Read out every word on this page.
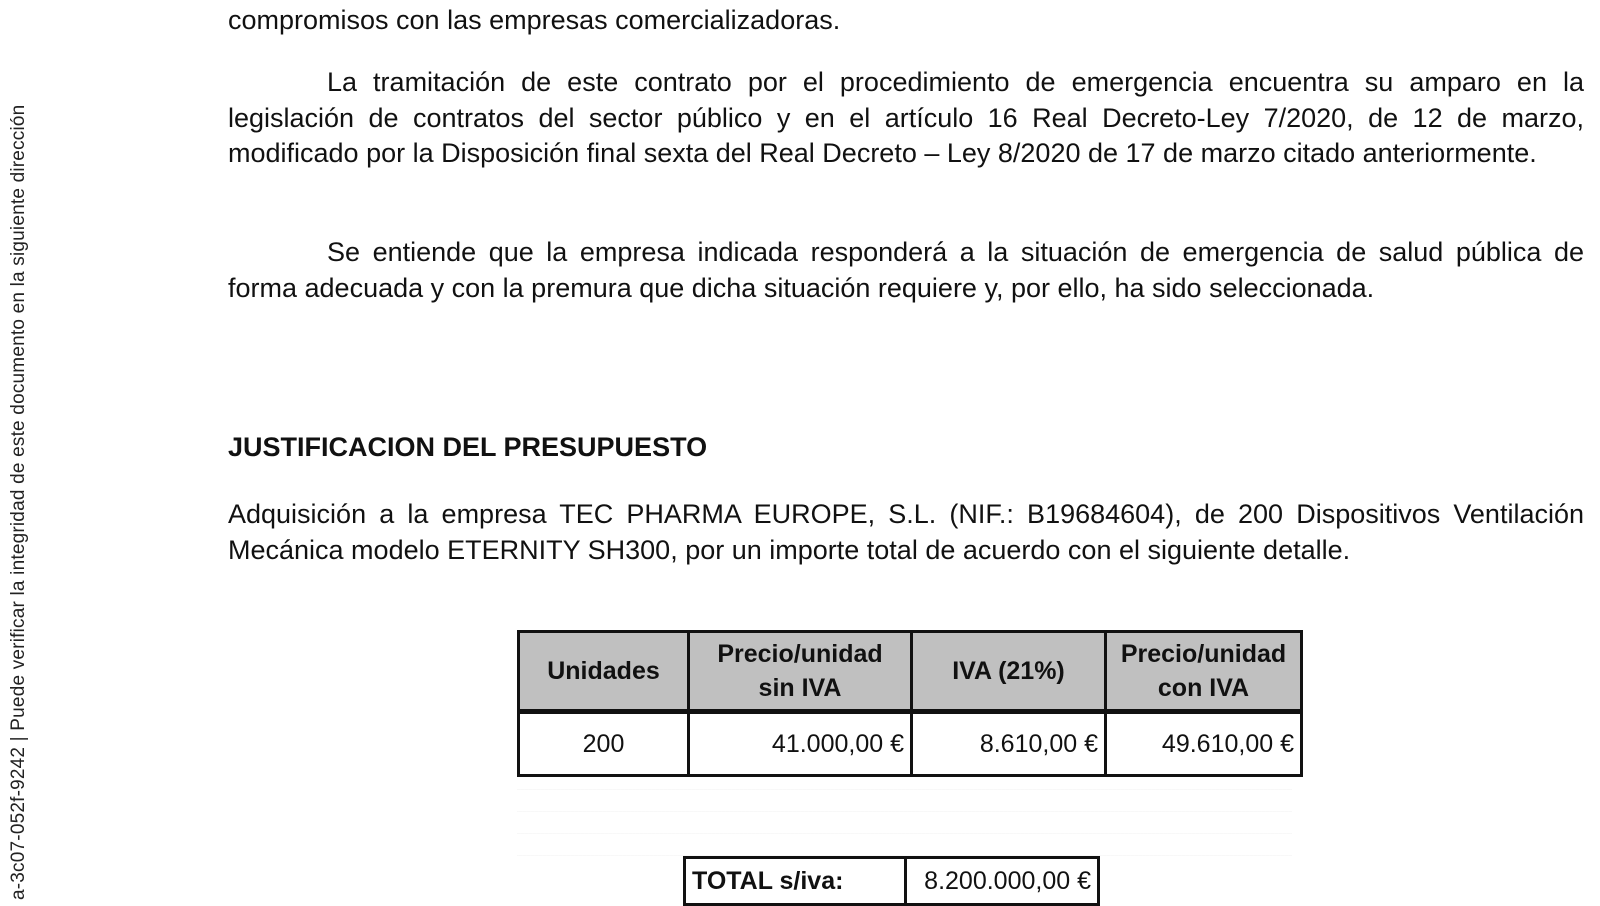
a-3c07-052f-9242 | Puede verificar la integridad de este documento en la siguiente dirección

compromisos con las empresas comercializadoras.

La tramitación de este contrato por el procedimiento de emergencia encuentra su amparo en la legislación de contratos del sector público y en el artículo 16 Real Decreto-Ley 7/2020, de 12 de marzo, modificado por la Disposición final sexta del Real Decreto – Ley 8/2020 de 17 de marzo citado anteriormente.

Se entiende que la empresa indicada responderá a la situación de emergencia de salud pública de forma adecuada y con la premura que dicha situación requiere y, por ello, ha sido seleccionada.

JUSTIFICACION DEL PRESUPUESTO

Adquisición a la empresa TEC PHARMA EUROPE, S.L. (NIF.: B19684604), de 200 Dispositivos Ventilación Mecánica modelo ETERNITY SH300, por un importe total de acuerdo con el siguiente detalle.

Unidades	Precio/unidad sin IVA	IVA (21%)	Precio/unidad con IVA
200	41.000,00 €	8.610,00 €	49.610,00 €
TOTAL s/iva:	8.200.000,00 €
